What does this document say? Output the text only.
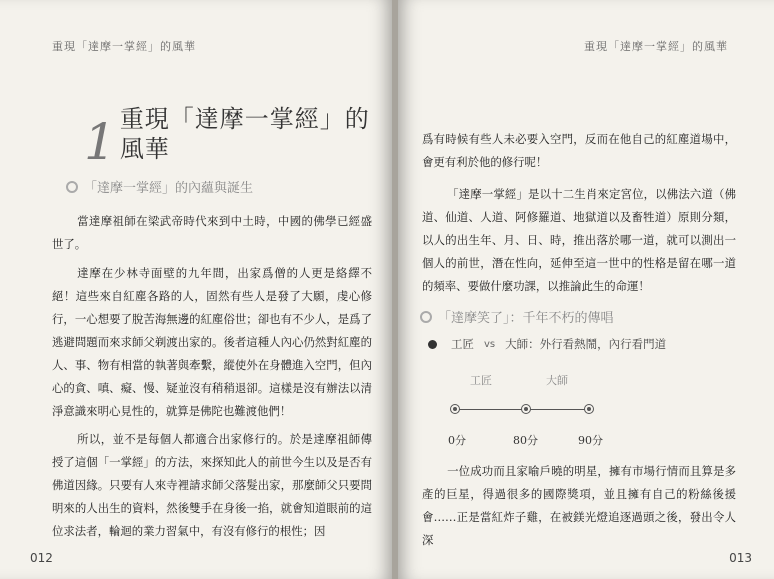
重現「達摩一掌經」的風華
1 重現「達摩一掌經」的風華
「達摩一掌經」的內蘊與誕生

當達摩祖師在梁武帝時代來到中土時，中國的佛學已經盛世了。

達摩在少林寺面壁的九年間，出家爲僧的人更是絡繹不絕！這些來自紅塵各路的人，固然有些人是發了大願，虔心修行，一心想要了脫苦海無邊的紅塵俗世；卻也有不少人，是爲了逃避問題而來求師父剃渡出家的。後者這種人內心仍然對紅塵的人、事、物有相當的執著與牽繫，縱使外在身體進入空門，但內心的貪、嗔、癡、慢、疑並沒有稍稍退卻。這樣是沒有辦法以清淨意識來明心見性的，就算是佛陀也難渡他們！

所以，並不是每個人都適合出家修行的。於是達摩祖師傳授了這個「一掌經」的方法，來探知此人的前世今生以及是否有佛道因緣。只要有人來寺裡請求師父落髮出家，那麼師父只要問明來的人出生的資料，然後雙手在身後一掐，就會知道眼前的這位求法者，輪迴的業力習氣中，有沒有修行的根性；因

012
重現「達摩一掌經」的風華

爲有時候有些人未必要入空門，反而在他自己的紅塵道場中，會更有利於他的修行呢！

「達摩一掌經」是以十二生肖來定宮位，以佛法六道（佛道、仙道、人道、阿修羅道、地獄道以及畜牲道）原則分類，以人的出生年、月、日、時，推出落於哪一道，就可以測出一個人的前世，潛在性向，延伸至這一世中的性格是留在哪一道的頻率、要做什麼功課，以推論此生的命運！

「達摩笑了」：千年不朽的傳唱
工匠 vs 大師：外行看熱鬧，內行看門道
工匠	大師
0分	80分	90分

一位成功而且家喻戶曉的明星，擁有市場行情而且算是多產的巨星，得過很多的國際獎項，並且擁有自己的粉絲後援會……正是當紅炸子雞，在被鎂光燈追逐過頭之後，發出令人深

013
